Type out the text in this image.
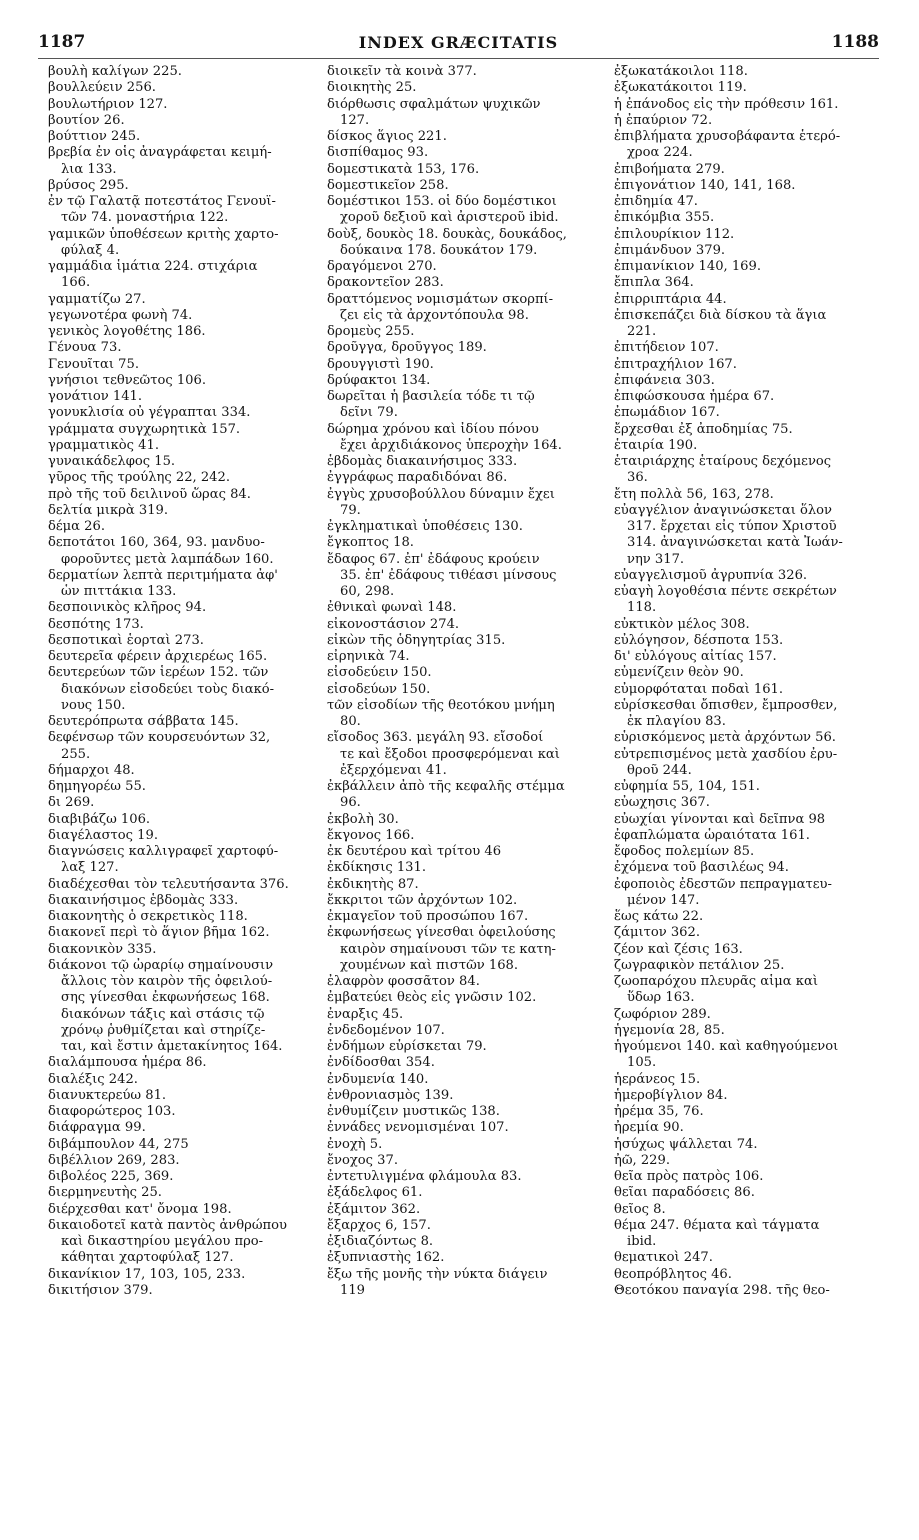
1187	INDEX GRÆCITATIS	1188
βουλὴ καλίγων 225.
βουλλεύειν 256.
βουλωτήριον 127.
βουτίον 26.
βούττιον 245.
βρεβία ἐν οἷς ἀναγράφεται κειμή-
λια 133.
βρύσος 295.
ἐν τῷ Γαλατᾷ ποτεστάτος Γενουϊ-
τῶν 74. μοναστήρια 122.
γαμικῶν ὑποθέσεων κριτὴς χαρτο-
φύλαξ 4.
γαμμάδια ἱμάτια 224. στιχάρια
166.
γαμματίζω 27.
γεγωνοτέρα φωνὴ 74.
γενικὸς λογοθέτης 186.
Γένουα 73.
Γενουῖται 75.
γνήσιοι τεθνεῶτος 106.
γονάτιον 141.
γονυκλισία οὐ γέγραπται 334.
γράμματα συγχωρητικὰ 157.
γραμματικὸς 41.
γυναικάδελφος 15.
γῦρος τῆς τρούλης 22, 242.
πρὸ τῆς τοῦ δειλινοῦ ὥρας 84.
δελτία μικρὰ 319.
δέμα 26.
δεποτάτοι 160, 364, 93. μανδυο-
φοροῦντες μετὰ λαμπάδων 160.
δερματίων λεπτὰ περιτμήματα ἀφ'
ὧν πιττάκια 133.
δεσποινικὸς κλῆρος 94.
δεσπότης 173.
δεσποτικαὶ ἑορταὶ 273.
δευτερεῖα φέρειν ἀρχιερέως 165.
δευτερεύων τῶν ἱερέων 152. τῶν
διακόνων εἰσοδεύει τοὺς διακό-
νους 150.
δευτερόπρωτα σάββατα 145.
δεφένσωρ τῶν κουρσευόντων 32,
255.
δήμαρχοι 48.
δημηγορέω 55.
δι 269.
διαβιβάζω 106.
διαγέλαστος 19.
διαγνώσεις καλλιγραφεῖ χαρτοφύ-
λαξ 127.
διαδέχεσθαι τὸν τελευτήσαντα 376.
διακαινήσιμος ἑβδομὰς 333.
διακονητὴς ὁ σεκρετικὸς 118.
διακονεῖ περὶ τὸ ἅγιον βῆμα 162.
διακονικὸν 335.
διάκονοι τῷ ὠραρίῳ σημαίνουσιν
ἄλλοις τὸν καιρὸν τῆς ὀφειλού-
σης γίνεσθαι ἐκφωνήσεως 168.
διακόνων τάξις καὶ στάσις τῷ
χρόνῳ ῥυθμίζεται καὶ στηρίζε-
ται, καὶ ἔστιν ἀμετακίνητος 164.
διαλάμπουσα ἡμέρα 86.
διαλέξις 242.
διανυκτερεύω 81.
διαφορώτερος 103.
διάφραγμα 99.
διβάμπουλον 44, 275
διβέλλιον 269, 283.
διβολέος 225, 369.
διερμηνευτὴς 25.
διέρχεσθαι κατ' ὄνομα 198.
δικαιοδοτεῖ κατὰ παντὸς ἀνθρώπου
καὶ δικαστηρίου μεγάλου προ-
κάθηται χαρτοφύλαξ 127.
δικανίκιον 17, 103, 105, 233.
δικιτήσιον 379.
διοικεῖν τὰ κοινὰ 377.
διοικητὴς 25.
διόρθωσις σφαλμάτων ψυχικῶν
127.
δίσκος ἅγιος 221.
δισπίθαμος 93.
δομεστικατὰ 153, 176.
δομεστικεῖον 258.
δομέστικοι 153. οἱ δύο δομέστικοι
χοροῦ δεξιοῦ καὶ ἀριστεροῦ ibid.
δοὺξ, δουκὸς 18. δουκὰς, δουκάδος,
δούκαινα 178. δουκάτον 179.
δραγόμενοι 270.
δρακοντεῖον 283.
δραττόμενος νομισμάτων σκορπί-
ζει εἰς τὰ ἀρχοντόπουλα 98.
δρομεὺς 255.
δροῦγγα, δροῦγγος 189.
δρουγγιστὶ 190.
δρύφακτοι 134.
δωρεῖται ἡ βασιλεία τόδε τι τῷ
δεῖνι 79.
δώρημα χρόνου καὶ ἰδίου πόνου
ἔχει ἀρχιδιάκονος ὑπεροχὴν 164.
ἑβδομὰς διακαινήσιμος 333.
ἐγγράφως παραδιδόναι 86.
ἐγγὺς χρυσοβούλλου δύναμιν ἔχει
79.
ἐγκληματικαὶ ὑποθέσεις 130.
ἔγκοπτος 18.
ἔδαφος 67. ἐπ' ἐδάφους κρούειν
35. ἐπ' ἐδάφους τιθέασι μίνσους
60, 298.
ἐθνικαὶ φωναὶ 148.
εἰκονοστάσιον 274.
εἰκὼν τῆς ὁδηγητρίας 315.
εἰρηνικὰ 74.
εἰσοδεύειν 150.
εἰσοδεύων 150.
τῶν εἰσοδίων τῆς θεοτόκου μνήμη
80.
εἴσοδος 363. μεγάλη 93. εἴσοδοί
τε καὶ ἔξοδοι προσφερόμεναι καὶ
ἐξερχόμεναι 41.
ἐκβάλλειν ἀπὸ τῆς κεφαλῆς στέμμα
96.
ἐκβολὴ 30.
ἔκγονος 166.
ἐκ δευτέρου καὶ τρίτου 46
ἐκδίκησις 131.
ἐκδικητὴς 87.
ἔκκριτοι τῶν ἀρχόντων 102.
ἐκμαγεῖον τοῦ προσώπου 167.
ἐκφωνήσεως γίνεσθαι ὀφειλούσης
καιρὸν σημαίνουσι τῶν τε κατη-
χουμένων καὶ πιστῶν 168.
ἐλαφρὸν φοσσᾶτον 84.
ἐμβατεύει θεὸς εἰς γνῶσιν 102.
ἐναρξις 45.
ἐνδεδομένον 107.
ἐνδήμων εὑρίσκεται 79.
ἐνδίδοσθαι 354.
ἐνδυμενία 140.
ἐνθρονιασμὸς 139.
ἐνθυμίζειν μυστικῶς 138.
ἐννάδες νενομισμέναι 107.
ἐνοχὴ 5.
ἔνοχος 37.
ἐντετυλιγμένα φλάμουλα 83.
ἐξάδελφος 61.
ἐξάμιτον 362.
ἔξαρχος 6, 157.
ἐξιδιαζόντως 8.
ἐξυπνιαστὴς 162.
ἔξω τῆς μονῆς τὴν νύκτα διάγειν
119
ἐξωκατάκοιλοι 118.
ἐξωκατάκοιτοι 119.
ἡ ἐπάνοδος εἰς τὴν πρόθεσιν 161.
ἡ ἐπαύριον 72.
ἐπιβλήματα χρυσοβάφαντα ἑτερό-
χροα 224.
ἐπιβοήματα 279.
ἐπιγονάτιον 140, 141, 168.
ἐπιδημία 47.
ἐπικόμβια 355.
ἐπιλουρίκιον 112.
ἐπιμάνδυον 379.
ἐπιμανίκιον 140, 169.
ἔπιπλα 364.
ἐπιρριπτάρια 44.
ἐπισκεπάζει διὰ δίσκου τὰ ἅγια
221.
ἐπιτήδειον 107.
ἐπιτραχήλιον 167.
ἐπιφάνεια 303.
ἐπιφώσκουσα ἡμέρα 67.
ἐπωμάδιον 167.
ἔρχεσθαι ἐξ ἀποδημίας 75.
ἑταιρία 190.
ἑταιριάρχης ἑταίρους δεχόμενος
36.
ἔτη πολλὰ 56, 163, 278.
εὐαγγέλιον ἀναγινώσκεται ὅλον
317. ἔρχεται εἰς τύπον Χριστοῦ
314. ἀναγινώσκεται κατὰ Ἰωάν-
νην 317.
εὐαγγελισμοῦ ἀγρυπνία 326.
εὐαγὴ λογοθέσια πέντε σεκρέτων
118.
εὐκτικὸν μέλος 308.
εὐλόγησον, δέσποτα 153.
δι' εὐλόγους αἰτίας 157.
εὐμενίζειν θεὸν 90.
εὐμορφόταται ποδαὶ 161.
εὑρίσκεσθαι ὄπισθεν, ἔμπροσθεν,
ἐκ πλαγίου 83.
εὑρισκόμενος μετὰ ἀρχόντων 56.
εὐτρεπισμένος μετὰ χασδίου ἐρυ-
θροῦ 244.
εὐφημία 55, 104, 151.
εὐωχησις 367.
εὐωχίαι γίνονται καὶ δεῖπνα 98
ἐφαπλώματα ὡραιότατα 161.
ἔφοδος πολεμίων 85.
ἐχόμενα τοῦ βασιλέως 94.
ἐφοποιὸς ἐδεστῶν πεπραγματευ-
μένον 147.
ἕως κάτω 22.
ζάμιτον 362.
ζέον καὶ ζέσις 163.
ζωγραφικὸν πετάλιον 25.
ζωοπαρόχου πλευρᾶς αἷμα καὶ
ὕδωρ 163.
ζωφόριον 289.
ἡγεμονία 28, 85.
ἡγούμενοι 140. καὶ καθηγούμενοι
105.
ἡεράνεος 15.
ἡμεροβίγλιον 84.
ἠρέμα 35, 76.
ἠρεμία 90.
ἡσύχως ψάλλεται 74.
ἠῶ, 229.
θεῖα πρὸς πατρὸς 106.
θεῖαι παραδόσεις 86.
θεῖος 8.
θέμα 247. θέματα καὶ τάγματα
ibid.
θεματικοὶ 247.
θεοπρόβλητος 46.
Θεοτόκου παναγία 298. τῆς θεο-
